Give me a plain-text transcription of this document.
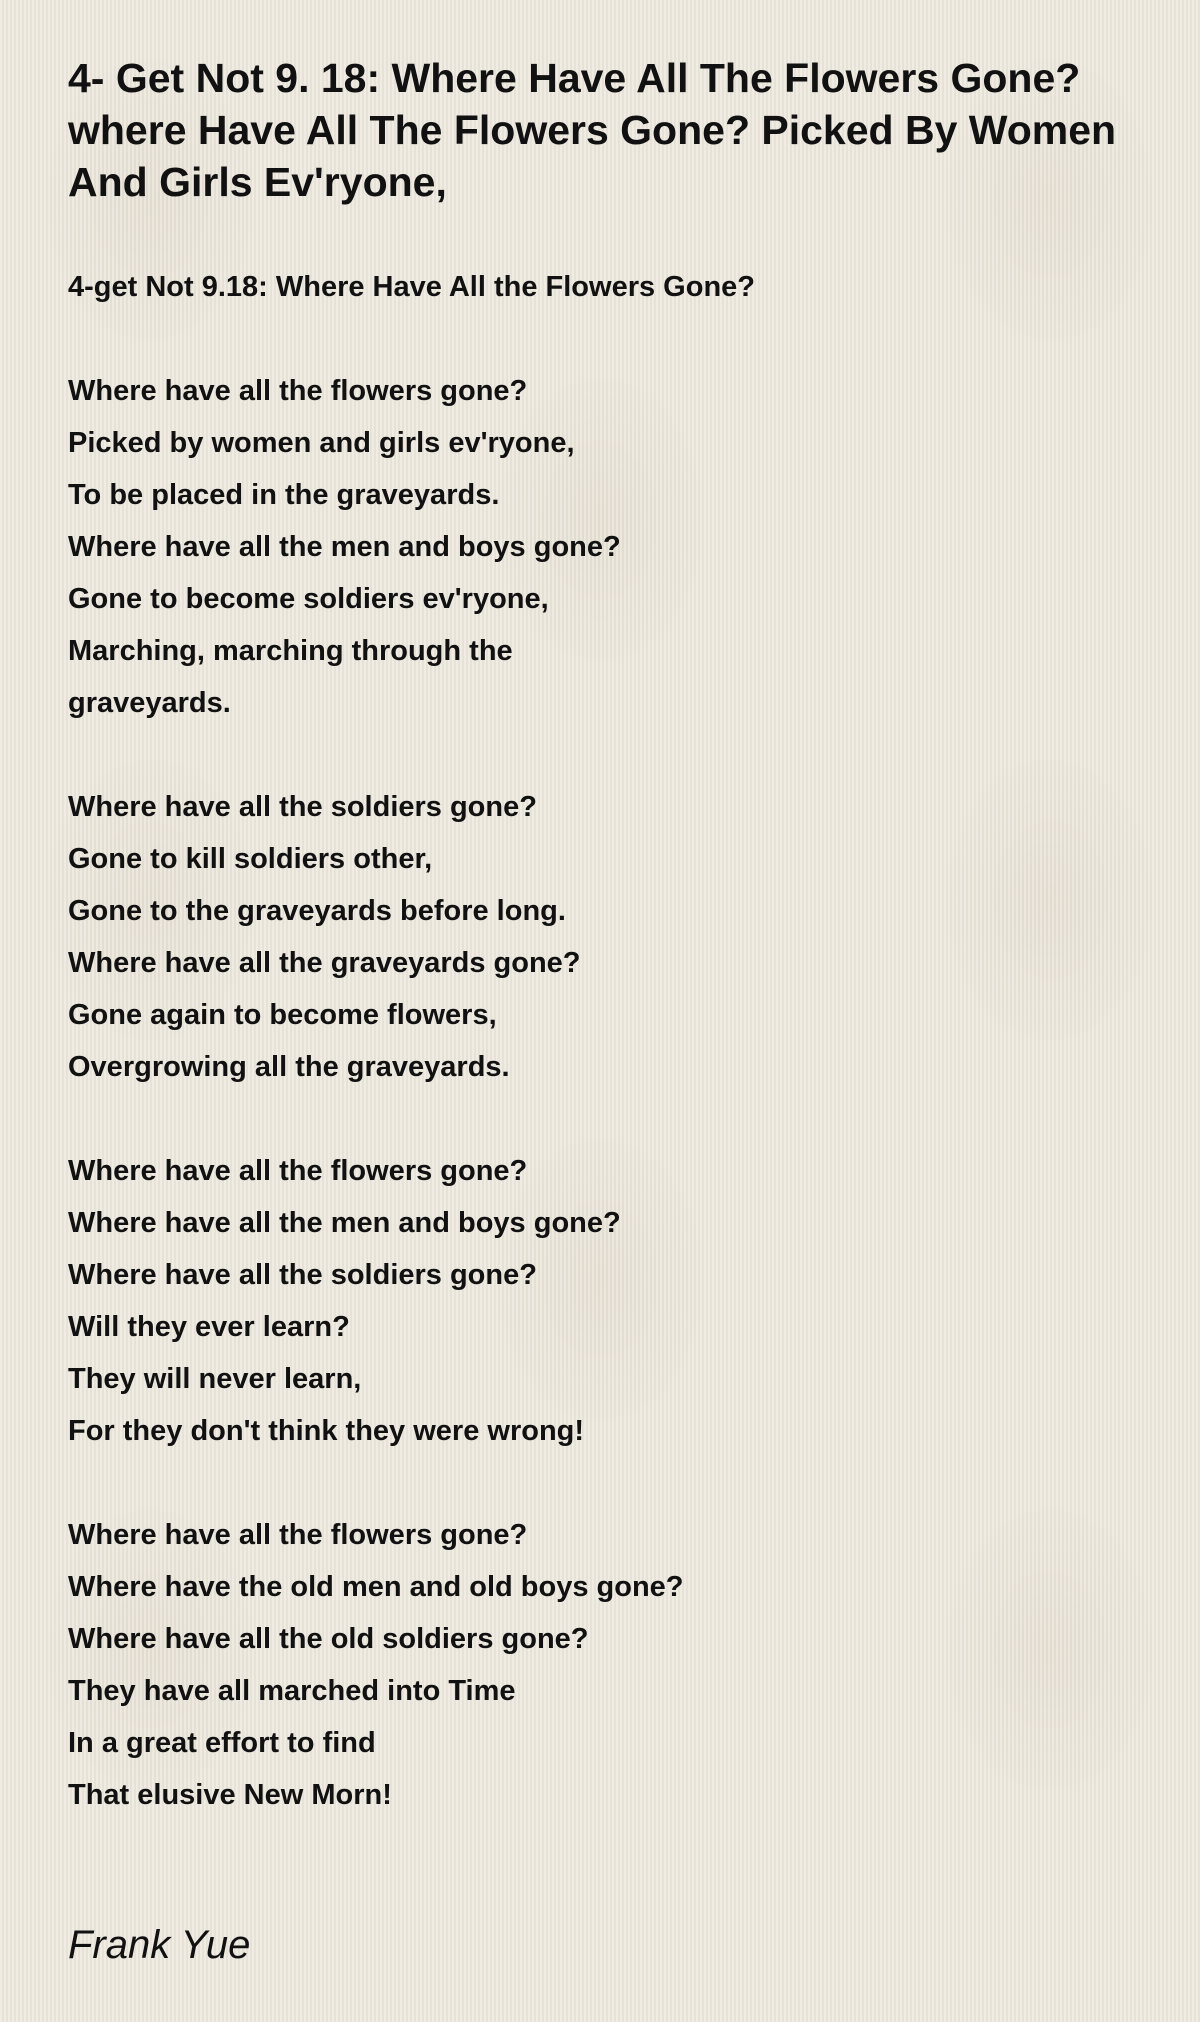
4- Get Not 9. 18: Where Have All The Flowers Gone?
where Have All The Flowers Gone? Picked By Women And Girls Ev'ryone,
4-get Not 9.18: Where Have All the Flowers Gone?
Where have all the flowers gone?
Picked by women and girls ev'ryone,
To be placed in the graveyards.
Where have all the men and boys gone?
Gone to become soldiers ev'ryone,
Marching, marching through the
graveyards.
Where have all the soldiers gone?
Gone to kill soldiers other,
Gone to the graveyards before long.
Where have all the graveyards gone?
Gone again to become flowers,
Overgrowing all the graveyards.
Where have all the flowers gone?
Where have all the men and boys gone?
Where have all the soldiers gone?
Will they ever learn?
They will never learn,
For they don't think they were wrong!
Where have all the flowers gone?
Where have the old men and old boys gone?
Where have all the old soldiers gone?
They have all marched into Time
In a great effort to find
That elusive New Morn!
Frank Yue
